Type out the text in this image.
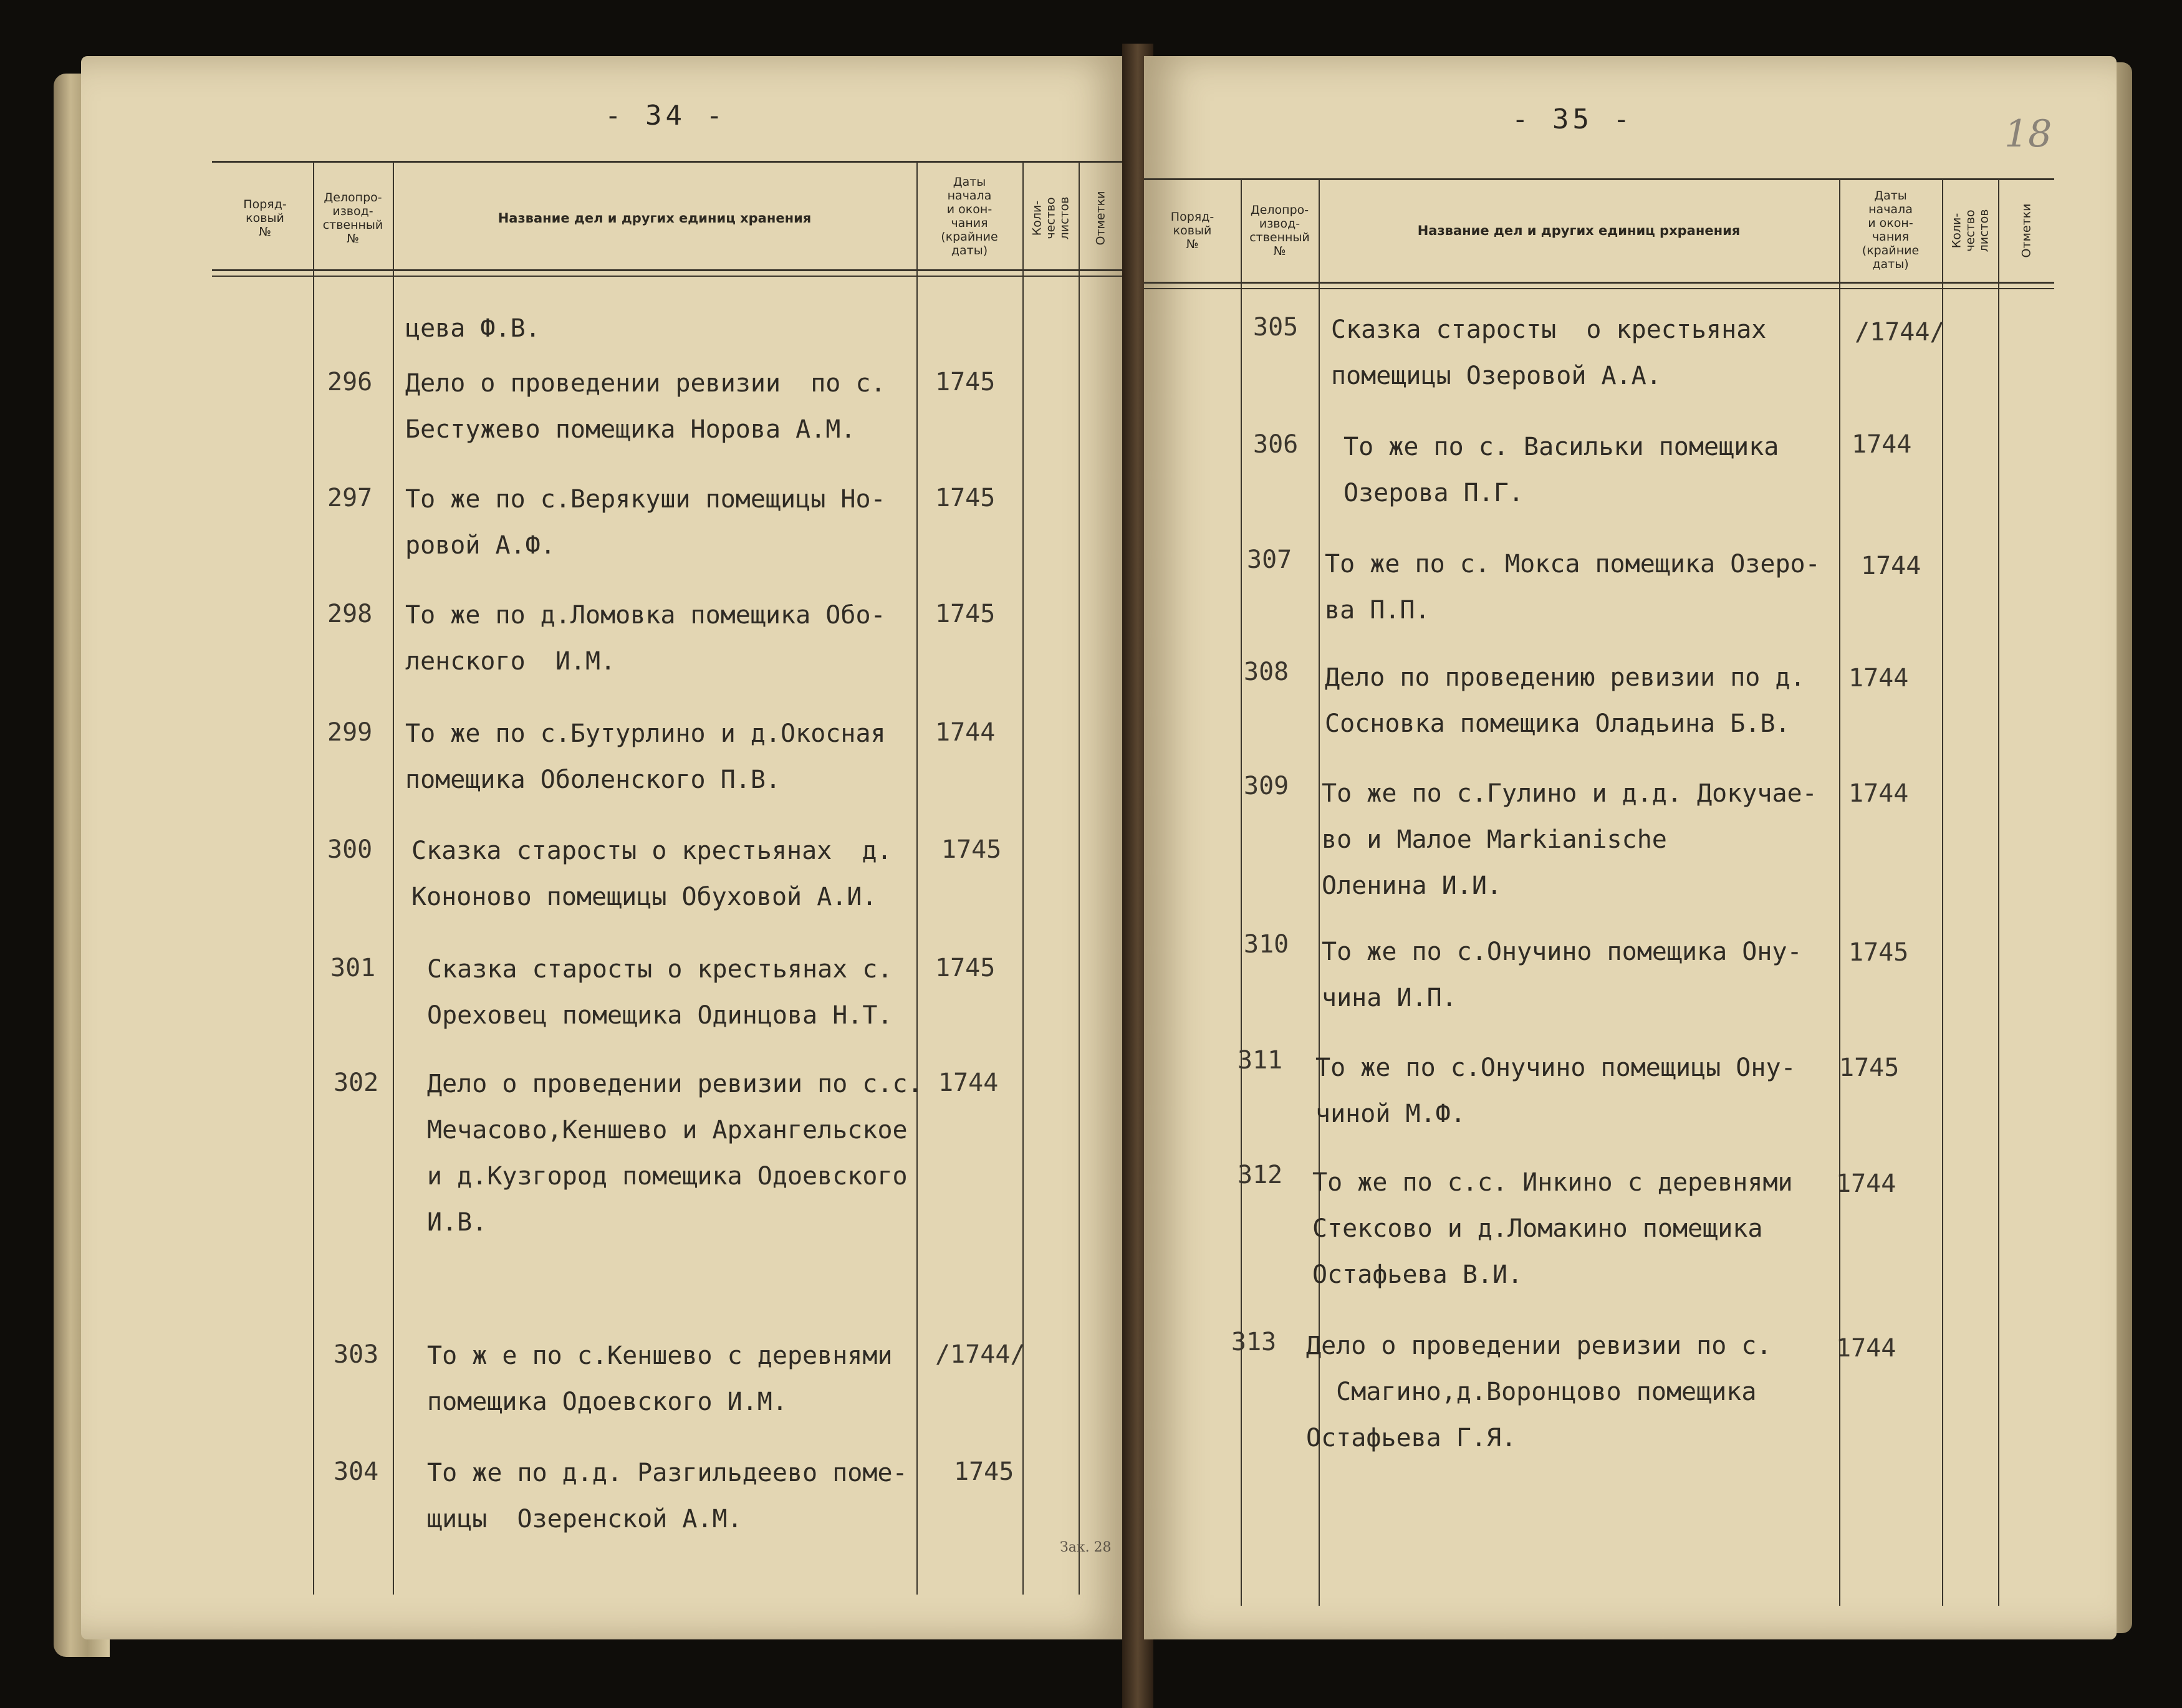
- 34 -
Поряд-
ковый
№
Делопро-
извод-
ственный
№
Название дел и других единиц хранения
Даты
начала
и окон-
чания
(крайние
даты)
Коли-
чество
листов Отметки
цева Ф.В.
296 Дело о проведении ревизии  по с.
Бестужево помещика Норова А.М.
1745
297 То же по с.Верякуши помещицы Но-
ровой А.Ф.
1745
298 То же по д.Ломовка помещика Обо-
ленского  И.М.
1745
299 То же по с.Бутурлино и д.Окосная
помещика Оболенского П.В.
1744
300 Сказка старосты о крестьянах  д.
Кононово помещицы Обуховой А.И.
1745
301 Сказка старосты о крестьянах с.
Ореховец помещика Одинцова Н.Т.
1745
302 Дело о проведении ревизии по с.с.
Мечасово,Кеншево и Архангельское
и д.Кузгород помещика Одоевского
И.В.
1744
303 То ж е по с.Кеншево с деревнями
помещика Одоевского И.М.
/1744/
304 То же по д.д. Разгильдеево поме-
щицы  Озеренской А.М.
1745
Зак. 28
- 35 -	18
Поряд-
ковый
№
Делопро-
извод-
ственный
№
Название дел и других единиц рхранения
Даты
начала
и окон-
чания
(крайние
даты)
Коли-
чество
листов Отметки
305 Сказка старосты  о крестьянах
помещицы Озеровой А.А.
/1744/
306 То же по с. Васильки помещика
Озерова П.Г.
1744
307 То же по с. Мокса помещика Озеро-
ва П.П.
1744
308 Дело по проведению ревизии по д.
Сосновка помещика Оладьина Б.В.
1744
309 То же по с.Гулино и д.д. Докучае-
во и Малое Markianische
Оленина И.И.
1744
310 То же по с.Онучино помещика Ону-
чина И.П.
1745
311 То же по с.Онучино помещицы Ону-
чиной М.Ф.
1745
312 То же по с.с. Инкино с деревнями
Стексово и д.Ломакино помещика
Остафьева В.И.
1744
313 Дело о проведении ревизии по с.
Смагино,д.Воронцово помещика
Остафьева Г.Я.
1744
